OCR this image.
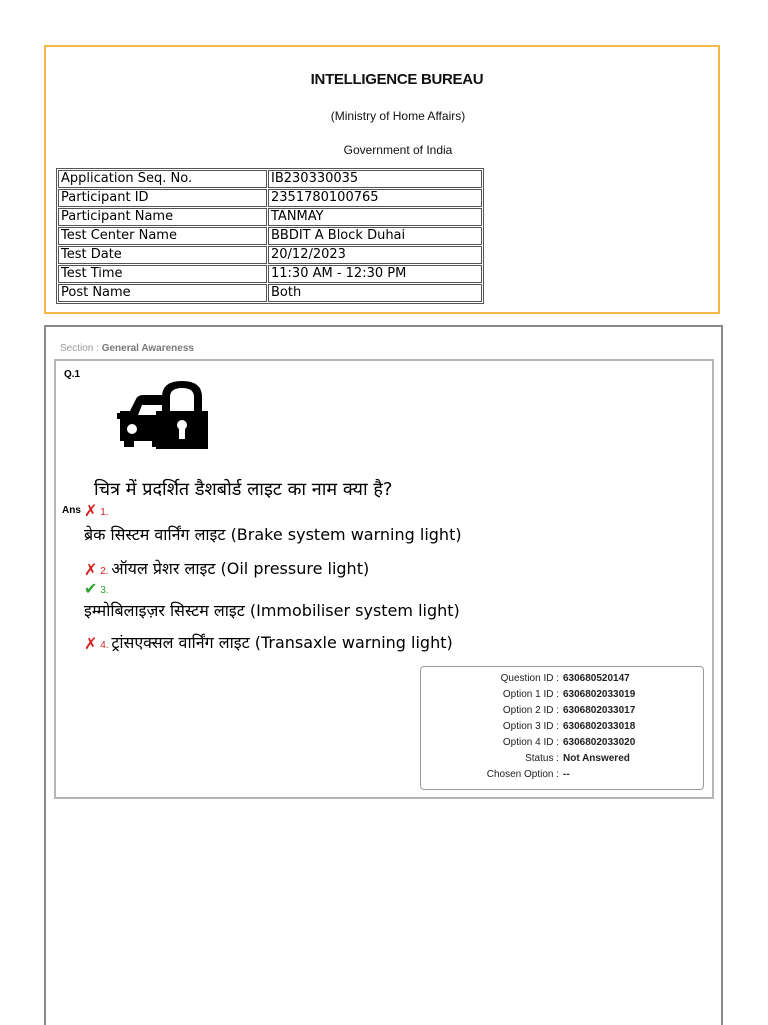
INTELLIGENCE BUREAU
(Ministry of Home Affairs)
Government of India
Application Seq. No.	IB230330035
Participant ID	2351780100765
Participant Name	TANMAY
Test Center Name	BBDIT A Block Duhai
Test Date	20/12/2023
Test Time	11:30 AM - 12:30 PM
Post Name	Both
Section : General Awareness
Q.1
चित्र में प्रदर्शित डैशबोर्ड लाइट का नाम क्या है?
Ans ✗ 1.
ब्रेक सिस्टम वार्निंग लाइट (Brake system warning light)
✗ 2. ऑयल प्रेशर लाइट (Oil pressure light)
✔ 3.
इम्मोबिलाइज़र सिस्टम लाइट (Immobiliser system light)
✗ 4. ट्रांसएक्सल वार्निंग लाइट (Transaxle warning light)
Question ID : 630680520147
Option 1 ID : 6306802033019
Option 2 ID : 6306802033017
Option 3 ID : 6306802033018
Option 4 ID : 6306802033020
Status : Not Answered
Chosen Option : --
